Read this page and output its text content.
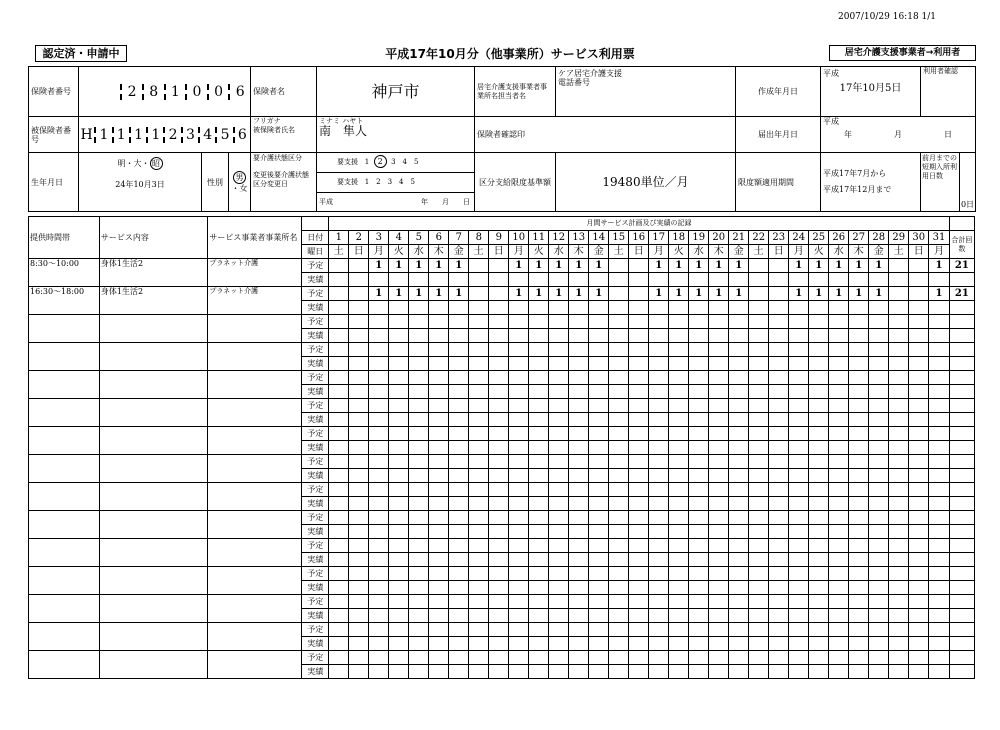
2007/10/29 16:18 1/1
認定済・申請中	平成17年10月分（他事業所）サービス利用票	居宅介護支援事業者→利用者
保険者番号	2 8 1 0 0 6	保険者名	神戸市	居宅介護支援事業者事業所名担当者名	
ケア居宅介護支援
電話番号
	作成年月日	
平成
17年10月5日
	利用者確認
被保険者番号	H 1 1 1 1 2 3 4 5 6

フリガナ
被保険者氏名

ミナミ ハヤト
南　隼人	保険者確認印	届出年月日	
平成
年	月	日

生年月日	
明・大・ 昭
24年10月3日	性別	男・女

要介護状態区分
変更後要介護状態区分変更日

要支援 1 2 3　4　5
要支援 1　2　3　4　5
平成	年　　月　　日
	区分支給限度基準額	19480単位／月	限度額適用期間	
平成17年7月から
平成17年12月まで

前月までの短期入所利用日数
0日
提供時間帯	サービス内容	サービス事業者事業所名		月間サービス計画及び実績の記録																															
			日付	1	2	3	4	5	6	7	8	9	10	11	12	13	14	15	16	17	18	19	20	21	22	23	24	25	26	27	28	29	30	31	合計回数
			曜日	土	日	月	火	水	木	金	土	日	月	火	水	木	金	土	日	月	火	水	木	金	土	日	月	火	水	木	金	土	日	月	
8:30～10:00	身体1生活2	プラネット介護	予定			1	1	1	1	1			1	1	1	1	1			1	1	1	1	1			1	1	1	1	1			1	21
			実績																																
16:30～18:00	身体1生活2	プラネット介護	予定			1	1	1	1	1			1	1	1	1	1			1	1	1	1	1			1	1	1	1	1			1	21
			実績																																
			予定																																
			実績																																
			予定																																
			実績																																
			予定																																
			実績																																
			予定																																
			実績																																
			予定																																
			実績																																
			予定																																
			実績																																
			予定																																
			実績																																
			予定																																
			実績																																
			予定																																
			実績																																
			予定																																
			実績																																
			予定																																
			実績																																
			予定																																
			実績																																
			予定																																
			実績																																
